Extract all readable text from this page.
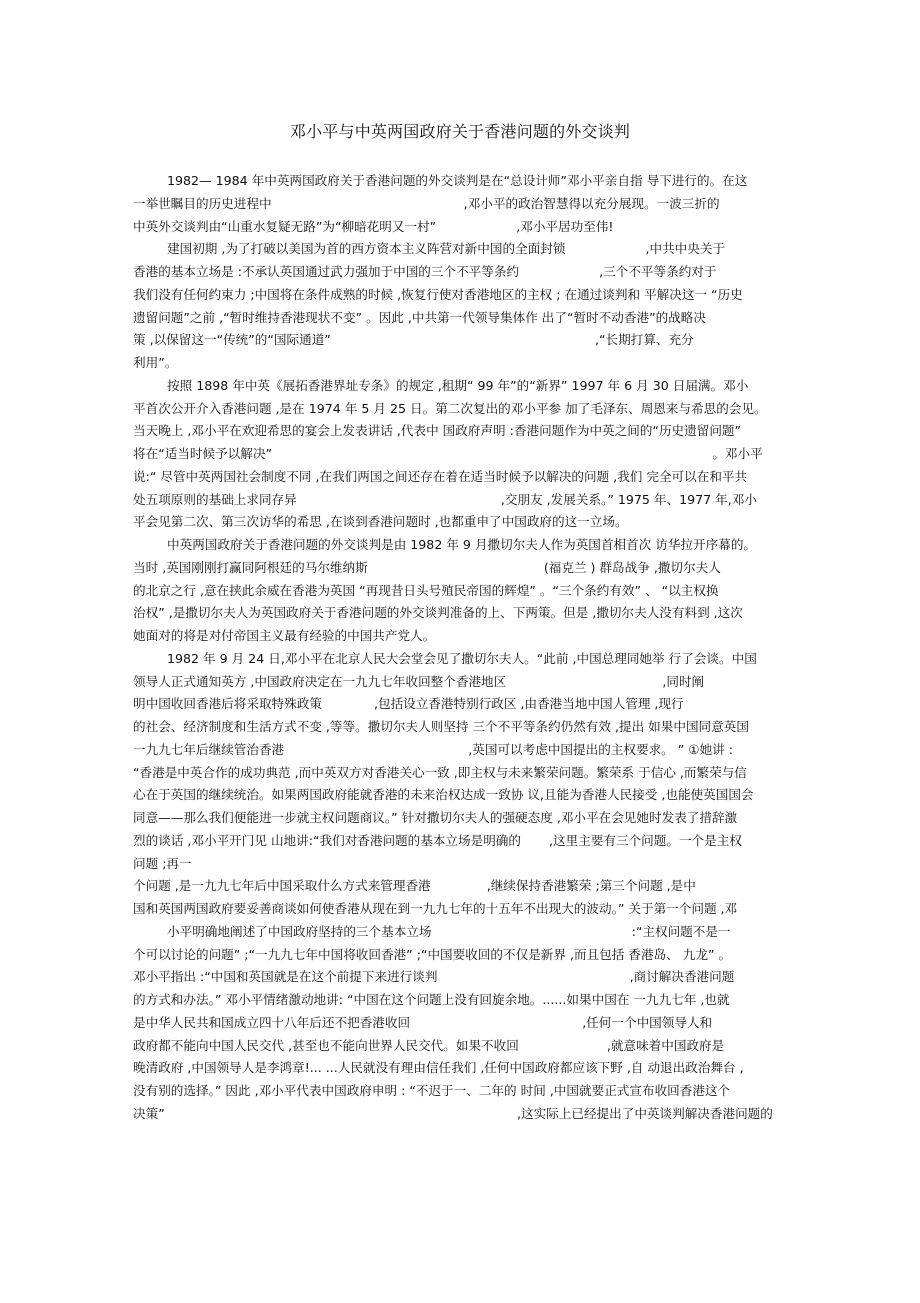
邓小平与中英两国政府关于香港问题的外交谈判
1982— 1984 年中英两国政府关于香港问题的外交谈判是在“总设计师”邓小平亲自指 导下进行的。在这
一举世瞩目的历史进程中                                                ,邓小平的政治智慧得以充分展现。一波三折的
中英外交谈判由“山重水复疑无路”为“柳暗花明又一村”                    ,邓小平居功至伟!
建国初期 ,为了打破以美国为首的西方资本主义阵营对新中国的全面封锁                    ,中共中央关于
香港的基本立场是 :不承认英国通过武力强加于中国的三个不平等条约                    ,三个不平等条约对于
我们没有任何约束力 ;中国将在条件成熟的时候 ,恢复行使对香港地区的主权 ; 在通过谈判和 平解决这一 “历史
遗留问题”之前 ,“暂时维持香港现状不变” 。因此 ,中共第一代领导集体作 出了“暂时不动香港”的战略决
策 ,以保留这一“传统”的“国际通道”                                                                  ,“长期打算、充分
利用”。
按照 1898 年中英《展拓香港界址专条》的规定 ,租期“ 99 年”的“新界” 1997 年 6 月 30 日届满。邓小
平首次公开介入香港问题 ,是在 1974 年 5 月 25 日。第二次复出的邓小平参 加了毛泽东、周恩来与希思的会见。
当天晚上 ,邓小平在欢迎希思的宴会上发表讲话 ,代表中 国政府声明 :香港问题作为中英之间的“历史遗留问题”
将在“适当时候予以解决”                                                                                                              。邓小平
说:“ 尽管中英两国社会制度不同 ,在我们两国之间还存在着在适当时候予以解决的问题 ,我们 完全可以在和平共
处五项原则的基础上求同存异                                                   ,交朋友 ,发展关系。” 1975 年、1977 年,邓小
平会见第二次、第三次访华的希思 ,在谈到香港问题时 ,也都重申了中国政府的这一立场。
中英两国政府关于香港问题的外交谈判是由 1982 年 9 月撒切尔夫人作为英国首相首次 访华拉开序幕的。
当时 ,英国刚刚打赢同阿根廷的马尔维纳斯                                            (福克兰 ) 群岛战争 ,撒切尔夫人
的北京之行 ,意在挟此余威在香港为英国 “再现昔日头号殖民帝国的辉煌” 。“三个条约有效” 、 “以主权换
治权” ,是撒切尔夫人为英国政府关于香港问题的外交谈判准备的上、下两策。但是 ,撒切尔夫人没有料到 ,这次
她面对的将是对付帝国主义最有经验的中国共产党人。
1982 年 9 月 24 日,邓小平在北京人民大会堂会见了撒切尔夫人。“此前 ,中国总理同她举 行了会谈。中国
领导人正式通知英方 ,中国政府决定在一九九七年收回整个香港地区                                       ,同时阐
明中国收回香港后将采取特殊政策             ,包括设立香港特别行政区 ,由香港当地中国人管理 ,现行
的社会、经济制度和生活方式不变 ,等等。撒切尔夫人则坚持 三个不平等条约仍然有效 ,提出 如果中国同意英国
一九九七年后继续管治香港                                              ,英国可以考虑中国提出的主权要求。 ” ①她讲 :
“香港是中英合作的成功典范 ,而中英双方对香港关心一致 ,即主权与未来繁荣问题。繁荣系 于信心 ,而繁荣与信
心在于英国的继续统治。如果两国政府能就香港的未来治权达成一致协 议,且能为香港人民接受 ,也能使英国国会
同意——那么我们便能进一步就主权问题商议。” 针对撒切尔夫人的强硬态度 ,邓小平在会见她时发表了措辞激
烈的谈话 ,邓小平开门见 山地讲:“我们对香港问题的基本立场是明确的       ,这里主要有三个问题。一个是主权
问题 ;再一
个问题 ,是一九九七年后中国采取什么方式来管理香港              ,继续保持香港繁荣 ;第三个问题 ,是中
国和英国两国政府要妥善商谈如何使香港从现在到一九九七年的十五年不出现大的波动。” 关于第一个问题 ,邓
小平明确地阐述了中国政府坚持的三个基本立场                                                  :“主权问题不是一
个可以讨论的问题” ;“一九九七年中国将收回香港” ;“中国要收回的不仅是新界 ,而且包括 香港岛、 九龙” 。
邓小平指出 :“中国和英国就是在这个前提下来进行谈判                                                ,商讨解决香港问题
的方式和办法。” 邓小平情绪激动地讲: “中国在这个问题上没有回旋余地。......如果中国在 一九九七年 ,也就
是中华人民共和国成立四十八年后还不把香港收回                                           ,任何一个中国领导人和
政府都不能向中国人民交代 ,甚至也不能向世界人民交代。如果不收回                      ,就意味着中国政府是
晚清政府 ,中国领导人是李鸿章!... ...人民就没有理由信任我们 ,任何中国政府都应该下野 ,自 动退出政治舞台 ,
没有别的选择。” 因此 ,邓小平代表中国政府申明 : “不迟于一、二年的 时间 ,中国就要正式宣布收回香港这个
决策”                                                                                        ,这实际上已经提出了中英谈判解决香港问题的
